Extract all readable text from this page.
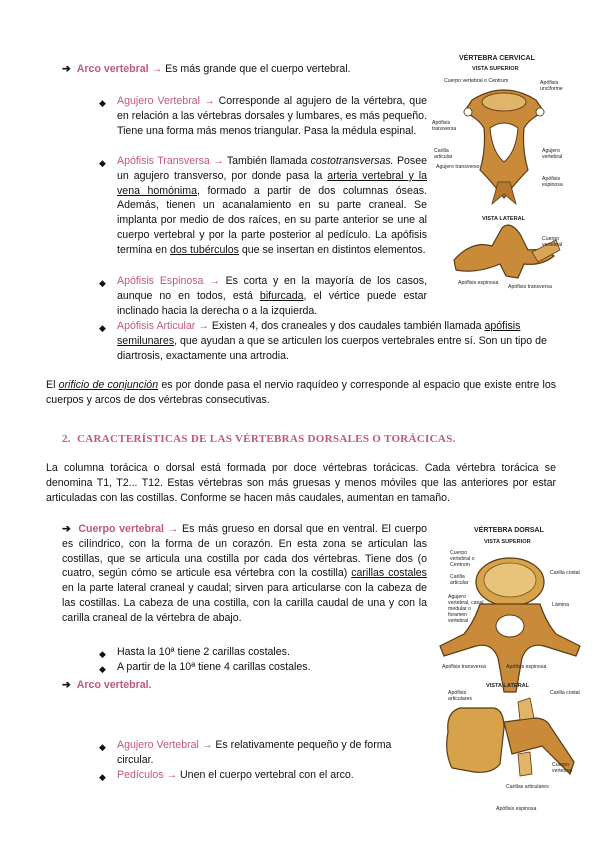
➔ Arco vertebral → Es más grande que el cuerpo vertebral.
◆ Agujero Vertebral → Corresponde al agujero de la vértebra, que en relación a las vértebras dorsales y lumbares, es más pequeño. Tiene una forma más menos triangular. Pasa la médula espinal.
◆ Apófisis Transversa → También llamada costotransversas. Posee un agujero transverso, por donde pasa la arteria vertebral y la vena homónima, formado a partir de dos columnas óseas. Además, tienen un acanalamiento en su parte craneal. Se implanta por medio de dos raíces, en su parte anterior se une al cuerpo vertebral y por la parte posterior al pedículo. La apófisis termina en dos tubérculos que se insertan en distintos elementos.
◆ Apófisis Espinosa → Es corta y en la mayoría de los casos, aunque no en todos, está bifurcada, el vértice puede estar inclinado hacia la derecha o a la izquierda.
◆ Apófisis Articular → Existen 4, dos craneales y dos caudales también llamada apófisis semilunares, que ayudan a que se articulen los cuerpos vertebrales entre sí. Son un tipo de diartrosis, exactamente una artrodia.
El orificio de conjunción es por donde pasa el nervio raquídeo y corresponde al espacio que existe entre los cuerpos y arcos de dos vértebras consecutivas.
2. CARACTERÍSTICAS DE LAS VÉRTEBRAS DORSALES O TORÁCICAS.
La columna torácica o dorsal está formada por doce vértebras torácicas. Cada vértebra torácica se denomina T1, T2... T12. Estas vértebras son más gruesas y menos móviles que las anteriores por estar articuladas con las costillas. Conforme se hacen más caudales, aumentan en tamaño.
➔ Cuerpo vertebral → Es más grueso en dorsal que en ventral. El cuerpo es cilíndrico, con la forma de un corazón. En esta zona se articulan las costillas, que se articula una costilla por cada dos vértebras. Tiene dos (o cuatro, según cómo se articule esa vértebra con la costilla) carillas costales en la parte lateral craneal y caudal; sirven para articularse con la cabeza de las costillas. La cabeza de una costilla, con la carilla caudal de una y con la carilla craneal de la vértebra de abajo.
◆ Hasta la 10ª tiene 2 carillas costales.
◆ A partir de la 10ª tiene 4 carillas costales.
➔ Arco vertebral.
◆ Agujero Vertebral → Es relativamente pequeño y de forma circular.
◆ Pedículos → Unen el cuerpo vertebral con el arco.
VÉRTEBRA CERVICAL
VISTA SUPERIOR
Cuerpo vertebral o Centrum	Apófisis unciforme
Apófisis transversa
Carilla articular
Agujero transverso
Agujero vertebral
Apófisis espinosa
VISTA LATERAL
Cuerpo vertebral
Apófisis espinosa
Apófisis transversa
VÉRTEBRA DORSAL
VISTA SUPERIOR
Cuerpo vertebral o Centrum
Carilla articular
Agujero vertebral, canal medular o foramen vertebral
Carilla costal
Lámina
Apófisis transversa	Apófisis espinosa
VISTA LATERAL
Apófisis articulares
Carilla costal
Cuerpo vertebral
Carillas articulares
Apófisis espinosa
